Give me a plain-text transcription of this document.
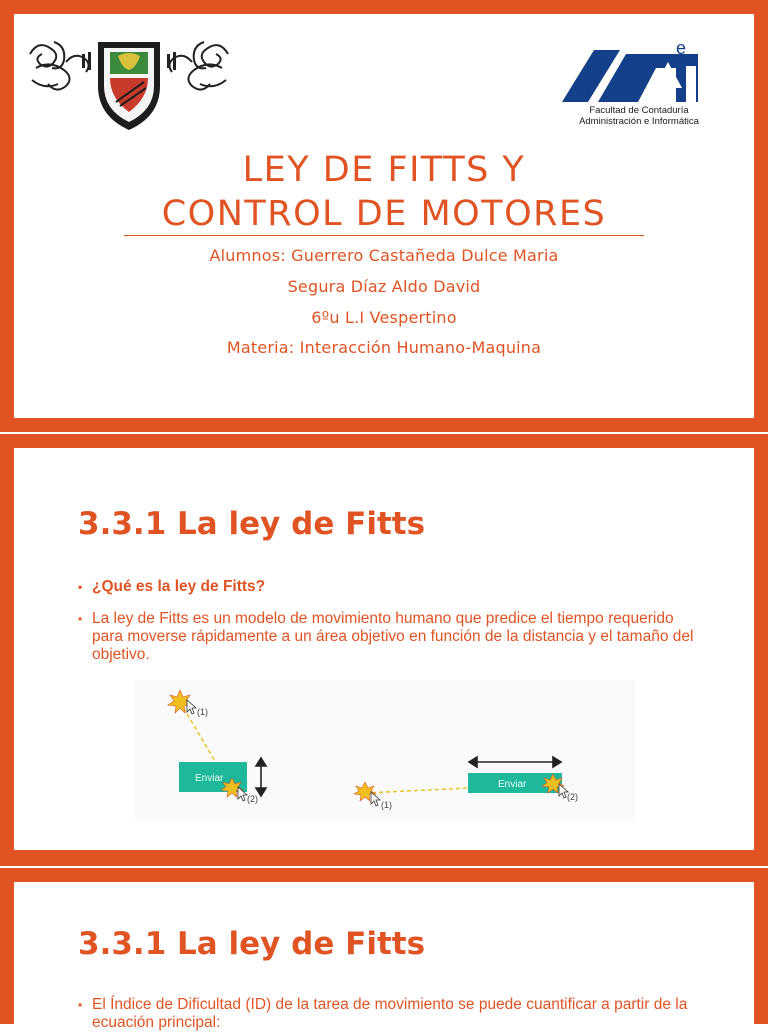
e
Facultad de Contaduría
Administración e Informática
LEY DE FITTS Y
CONTROL DE MOTORES
Alumnos: Guerrero Castañeda Dulce Maria
Segura Díaz Aldo David
6ºu L.I Vespertino
Materia: Interacción Humano-Maquina
3.3.1 La ley de Fitts
• ¿Qué es la ley de Fitts?
• La ley de Fitts es un modelo de movimiento humano que predice el tiempo requerido para moverse rápidamente a un área objetivo en función de la distancia y el tamaño del objetivo.
(1)
Enviar
(2)
(1)
Enviar
(2)
3.3.1 La ley de Fitts
• El Índice de Dificultad (ID) de la tarea de movimiento se puede cuantificar a partir de la ecuación principal:
